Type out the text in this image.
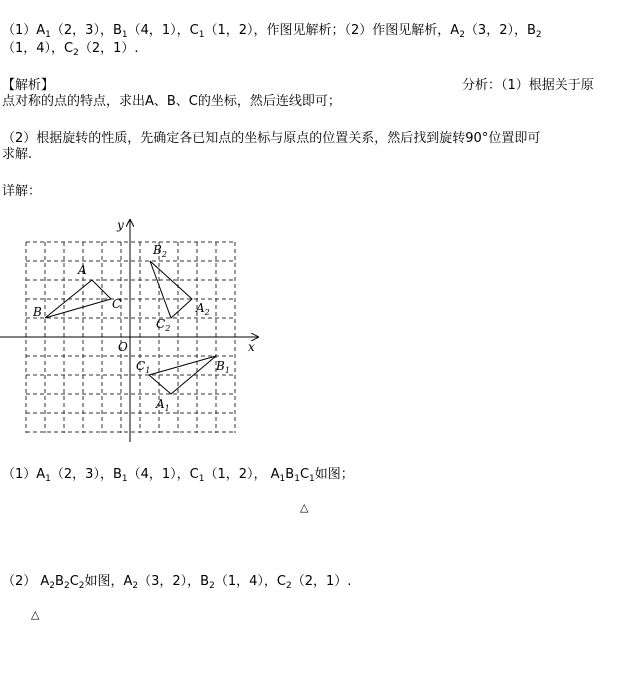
$(1)A_1(2$，3），$B_1(4$，1），$C_1(1$，2），作图见解析；（2）作图见解析，$A_2(3$，2），$B_2$
（1，4），$C_2(2$，1）.
【解析】	分析：（1）根据关于原
点对称的点的特点，求出A、B、C的坐标，然后连线即可；
（2）根据旋转的性质，先确定各已知点的坐标与原点的位置关系，然后找到旋转90°位置即可
求解.
详解：
x
y
O
A
B
C
$A_1$
$B_1$
$C_1$
$A_2$
$B_2$
$C_2$
$(1)A_1(2$，3），$B_1(4$，1），$C_1(1$，2）， $A_1B_1C_1$如图；
△
（2） $A_2B_2C_2$如图，$A_2(3$，2），$B_2(1$，4），$C_2(2$，1）.
△
